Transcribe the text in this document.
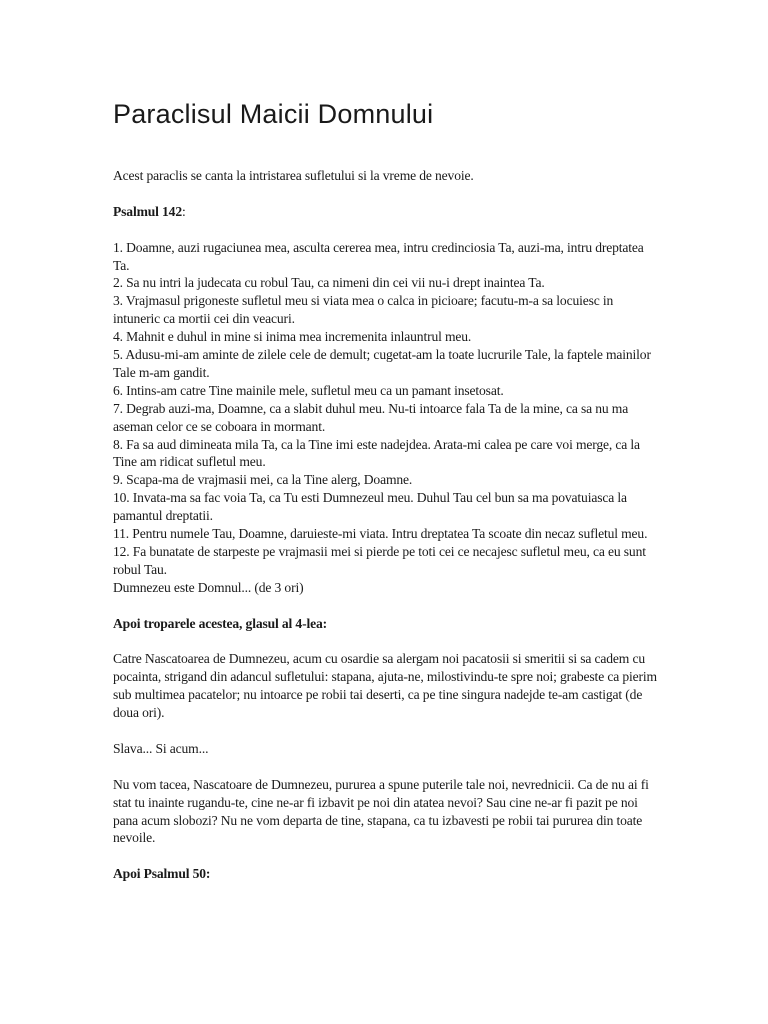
Paraclisul Maicii Domnului

Acest paraclis se canta la intristarea sufletului si la vreme de nevoie.

Psalmul 142:

1. Doamne, auzi rugaciunea mea, asculta cererea mea, intru credinciosia Ta, auzi-ma, intru dreptatea Ta.
2. Sa nu intri la judecata cu robul Tau, ca nimeni din cei vii nu-i drept inaintea Ta.
3. Vrajmasul prigoneste sufletul meu si viata mea o calca in picioare; facutu-m-a sa locuiesc in intuneric ca mortii cei din veacuri.
4. Mahnit e duhul in mine si inima mea incremenita inlauntrul meu.
5. Adusu-mi-am aminte de zilele cele de demult; cugetat-am la toate lucrurile Tale, la faptele mainilor Tale m-am gandit.
6. Intins-am catre Tine mainile mele, sufletul meu ca un pamant insetosat.
7. Degrab auzi-ma, Doamne, ca a slabit duhul meu. Nu-ti intoarce fala Ta de la mine, ca sa nu ma aseman celor ce se coboara in mormant.
8. Fa sa aud dimineata mila Ta, ca la Tine imi este nadejdea. Arata-mi calea pe care voi merge, ca la Tine am ridicat sufletul meu.
9. Scapa-ma de vrajmasii mei, ca la Tine alerg, Doamne.
10. Invata-ma sa fac voia Ta, ca Tu esti Dumnezeul meu. Duhul Tau cel bun sa ma povatuiasca la pamantul dreptatii.
11. Pentru numele Tau, Doamne, daruieste-mi viata. Intru dreptatea Ta scoate din necaz sufletul meu.
12. Fa bunatate de starpeste pe vrajmasii mei si pierde pe toti cei ce necajesc sufletul meu, ca eu sunt robul Tau.
Dumnezeu este Domnul... (de 3 ori)

Apoi troparele acestea, glasul al 4-lea:

Catre Nascatoarea de Dumnezeu, acum cu osardie sa alergam noi pacatosii si smeritii si sa cadem cu pocainta, strigand din adancul sufletului: stapana, ajuta-ne, milostivindu-te spre noi; grabeste ca pierim sub multimea pacatelor; nu intoarce pe robii tai deserti, ca pe tine singura nadejde te-am castigat (de doua ori).

Slava... Si acum...

Nu vom tacea, Nascatoare de Dumnezeu, pururea a spune puterile tale noi, nevrednicii. Ca de nu ai fi stat tu inainte rugandu-te, cine ne-ar fi izbavit pe noi din atatea nevoi? Sau cine ne-ar fi pazit pe noi pana acum slobozi? Nu ne vom departa de tine, stapana, ca tu izbavesti pe robii tai pururea din toate nevoile.

Apoi Psalmul 50:
